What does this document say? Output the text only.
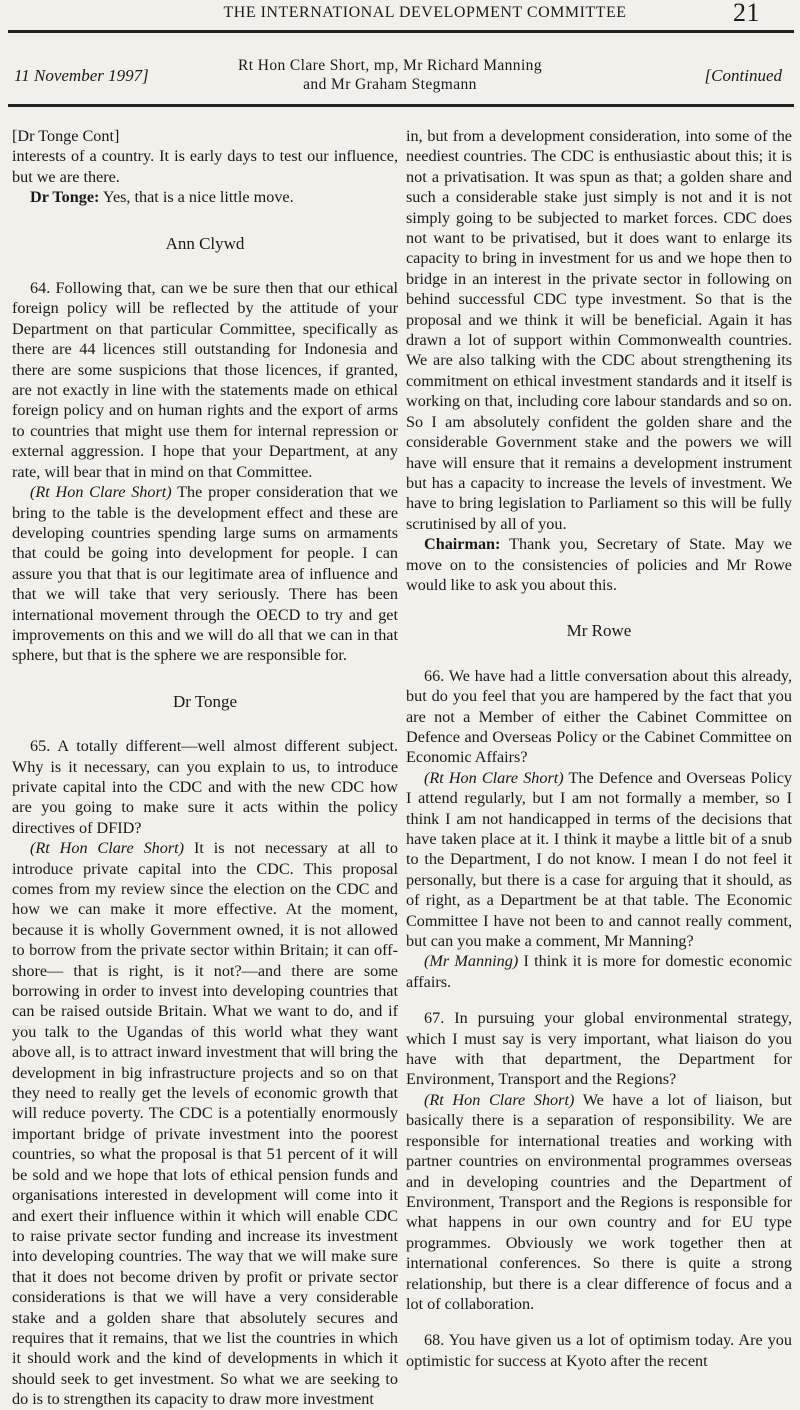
THE INTERNATIONAL DEVELOPMENT COMMITTEE	21
11 November 1997]
Rt Hon Clare Short, mp, Mr Richard Manning
and Mr Graham Stegmann	[Continued

[Dr Tonge Cont]

interests of a country. It is early days to test our influence, but we are there.

Dr Tonge: Yes, that is a nice little move.

Ann Clywd

64. Following that, can we be sure then that our ethical foreign policy will be reflected by the attitude of your Department on that particular Committee, specifically as there are 44 licences still outstanding for Indonesia and there are some suspicions that those licences, if granted, are not exactly in line with the statements made on ethical foreign policy and on human rights and the export of arms to countries that might use them for internal repression or external aggression. I hope that your Department, at any rate, will bear that in mind on that Committee.

(Rt Hon Clare Short) The proper consideration that we bring to the table is the development effect and these are developing countries spending large sums on armaments that could be going into development for people. I can assure you that that is our legitimate area of influence and that we will take that very seriously. There has been international movement through the OECD to try and get improvements on this and we will do all that we can in that sphere, but that is the sphere we are responsible for.

Dr Tonge

65. A totally different—well almost different subject. Why is it necessary, can you explain to us, to introduce private capital into the CDC and with the new CDC how are you going to make sure it acts within the policy directives of DFID?

(Rt Hon Clare Short) It is not necessary at all to introduce private capital into the CDC. This proposal comes from my review since the election on the CDC and how we can make it more effective. At the moment, because it is wholly Government owned, it is not allowed to borrow from the private sector within Britain; it can off-shore— that is right, is it not?—and there are some borrowing in order to invest into developing countries that can be raised outside Britain. What we want to do, and if you talk to the Ugandas of this world what they want above all, is to attract inward investment that will bring the development in big infrastructure projects and so on that they need to really get the levels of economic growth that will reduce poverty. The CDC is a potentially enormously important bridge of private investment into the poorest countries, so what the proposal is that 51 percent of it will be sold and we hope that lots of ethical pension funds and organisations interested in development will come into it and exert their influence within it which will enable CDC to raise private sector funding and increase its investment into developing countries. The way that we will make sure that it does not become driven by profit or private sector considerations is that we will have a very considerable stake and a golden share that absolutely secures and requires that it remains, that we list the countries in which it should work and the kind of developments in which it should seek to get investment. So what we are seeking to do is to strengthen its capacity to draw more investment

in, but from a development consideration, into some of the neediest countries. The CDC is enthusiastic about this; it is not a privatisation. It was spun as that; a golden share and such a considerable stake just simply is not and it is not simply going to be subjected to market forces. CDC does not want to be privatised, but it does want to enlarge its capacity to bring in investment for us and we hope then to bridge in an interest in the private sector in following on behind successful CDC type investment. So that is the proposal and we think it will be beneficial. Again it has drawn a lot of support within Commonwealth countries. We are also talking with the CDC about strengthening its commitment on ethical investment standards and it itself is working on that, including core labour standards and so on. So I am absolutely confident the golden share and the considerable Government stake and the powers we will have will ensure that it remains a development instrument but has a capacity to increase the levels of investment. We have to bring legislation to Parliament so this will be fully scrutinised by all of you.

Chairman: Thank you, Secretary of State. May we move on to the consistencies of policies and Mr Rowe would like to ask you about this.

Mr Rowe

66. We have had a little conversation about this already, but do you feel that you are hampered by the fact that you are not a Member of either the Cabinet Committee on Defence and Overseas Policy or the Cabinet Committee on Economic Affairs?

(Rt Hon Clare Short) The Defence and Overseas Policy I attend regularly, but I am not formally a member, so I think I am not handicapped in terms of the decisions that have taken place at it. I think it maybe a little bit of a snub to the Department, I do not know. I mean I do not feel it personally, but there is a case for arguing that it should, as of right, as a Department be at that table. The Economic Committee I have not been to and cannot really comment, but can you make a comment, Mr Manning?

(Mr Manning) I think it is more for domestic economic affairs.

67. In pursuing your global environmental strategy, which I must say is very important, what liaison do you have with that department, the Department for Environment, Transport and the Regions?

(Rt Hon Clare Short) We have a lot of liaison, but basically there is a separation of responsibility. We are responsible for international treaties and working with partner countries on environmental programmes overseas and in developing countries and the Department of Environment, Transport and the Regions is responsible for what happens in our own country and for EU type programmes. Obviously we work together then at international conferences. So there is quite a strong relationship, but there is a clear difference of focus and a lot of collaboration.

68. You have given us a lot of optimism today. Are you optimistic for success at Kyoto after the recent
